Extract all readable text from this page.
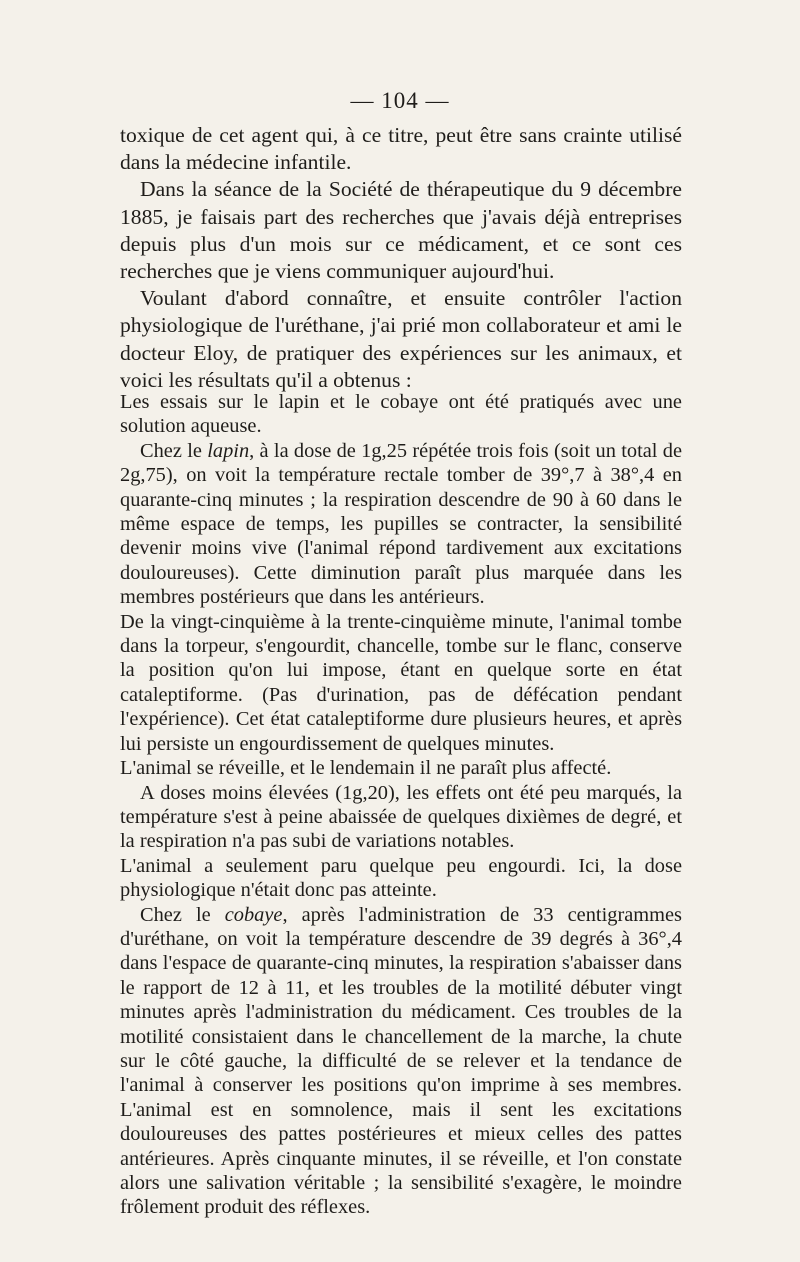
— 104 —

toxique de cet agent qui, à ce titre, peut être sans crainte utilisé dans la médecine infantile.

Dans la séance de la Société de thérapeutique du 9 décembre 1885, je faisais part des recherches que j'avais déjà entreprises depuis plus d'un mois sur ce médicament, et ce sont ces recherches que je viens communiquer aujourd'hui.

Voulant d'abord connaître, et ensuite contrôler l'action physiologique de l'uréthane, j'ai prié mon collaborateur et ami le docteur Eloy, de pratiquer des expériences sur les animaux, et voici les résultats qu'il a obtenus :

Les essais sur le lapin et le cobaye ont été pratiqués avec une solution aqueuse.

Chez le lapin, à la dose de 1g,25 répétée trois fois (soit un total de 2g,75), on voit la température rectale tomber de 39°,7 à 38°,4 en quarante-cinq minutes ; la respiration descendre de 90 à 60 dans le même espace de temps, les pupilles se contracter, la sensibilité devenir moins vive (l'animal répond tardivement aux excitations douloureuses). Cette diminution paraît plus marquée dans les membres postérieurs que dans les antérieurs.

De la vingt-cinquième à la trente-cinquième minute, l'animal tombe dans la torpeur, s'engourdit, chancelle, tombe sur le flanc, conserve la position qu'on lui impose, étant en quelque sorte en état cataleptiforme. (Pas d'urination, pas de défécation pendant l'expérience). Cet état cataleptiforme dure plusieurs heures, et après lui persiste un engourdissement de quelques minutes.

L'animal se réveille, et le lendemain il ne paraît plus affecté.

A doses moins élevées (1g,20), les effets ont été peu marqués, la température s'est à peine abaissée de quelques dixièmes de degré, et la respiration n'a pas subi de variations notables.

L'animal a seulement paru quelque peu engourdi. Ici, la dose physiologique n'était donc pas atteinte.

Chez le cobaye, après l'administration de 33 centigrammes d'uréthane, on voit la température descendre de 39 degrés à 36°,4 dans l'espace de quarante-cinq minutes, la respiration s'abaisser dans le rapport de 12 à 11, et les troubles de la motilité débuter vingt minutes après l'administration du médicament. Ces troubles de la motilité consistaient dans le chancellement de la marche, la chute sur le côté gauche, la difficulté de se relever et la tendance de l'animal à conserver les positions qu'on imprime à ses membres. L'animal est en somnolence, mais il sent les excitations douloureuses des pattes postérieures et mieux celles des pattes antérieures. Après cinquante minutes, il se réveille, et l'on constate alors une salivation véritable ; la sensibilité s'exagère, le moindre frôlement produit des réflexes.
